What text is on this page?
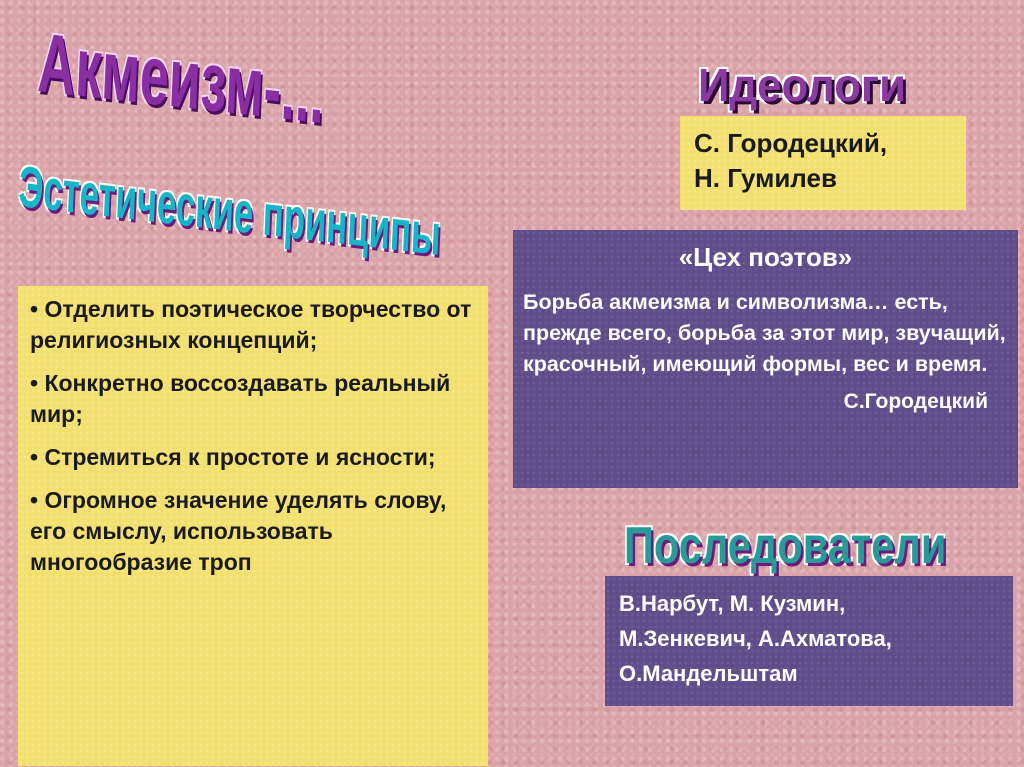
Акмеизм-...
Эстетические принципы
Идеологи
С. Городецкий,
Н. Гумилев
«Цех поэтов»
Борьба акмеизма и символизма… есть, прежде всего, борьба за этот мир, звучащий, красочный, имеющий формы, вес и время.
С.Городецкий
• Отделить поэтическое творчество от религиозных концепций;
• Конкретно воссоздавать реальный мир;
• Стремиться к простоте и ясности;
• Огромное значение уделять слову, его смыслу, использовать многообразие троп	Последователи
В.Нарбут, М. Кузмин,
М.Зенкевич, А.Ахматова,
О.Мандельштам
